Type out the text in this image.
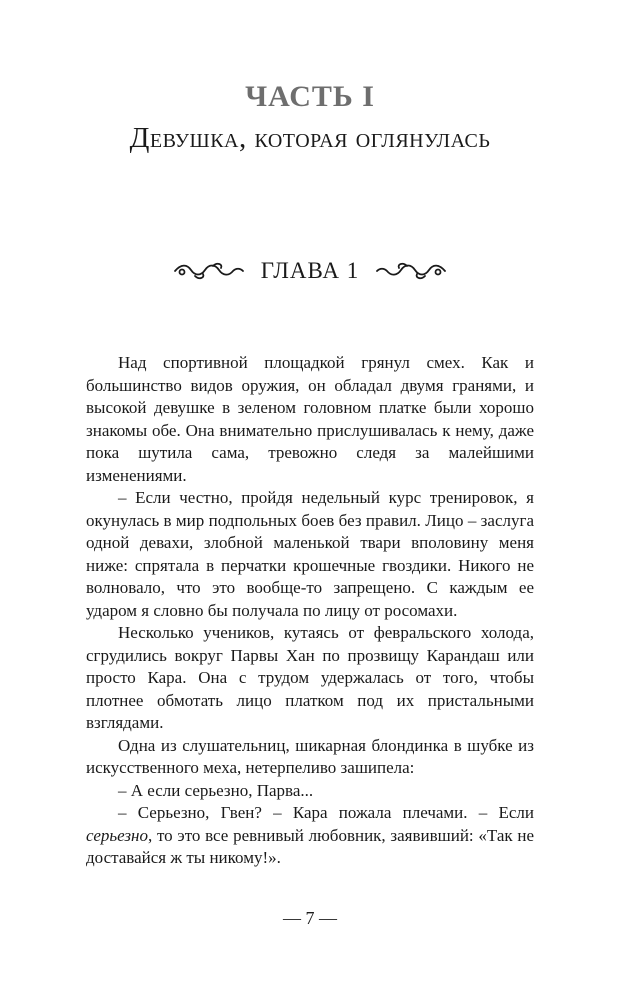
ЧАСТЬ I
Девушка, которая оглянулась
ГЛАВА 1

Над спортивной площадкой грянул смех. Как и большинство видов оружия, он обладал двумя гранями, и высокой девушке в зеленом головном платке были хорошо знакомы обе. Она внимательно прислушивалась к нему, даже пока шутила сама, тревожно следя за малейшими изменениями.

– Если честно, пройдя недельный курс тренировок, я окунулась в мир подпольных боев без правил. Лицо – заслуга одной девахи, злобной маленькой твари вполовину меня ниже: спрятала в перчатки крошечные гвоздики. Никого не волновало, что это вообще-то запрещено. С каждым ее ударом я словно бы получала по лицу от росомахи.

Несколько учеников, кутаясь от февральского холода, сгрудились вокруг Парвы Хан по прозвищу Карандаш или просто Кара. Она с трудом удержалась от того, чтобы плотнее обмотать лицо платком под их пристальными взглядами.

Одна из слушательниц, шикарная блондинка в шубке из искусственного меха, нетерпеливо зашипела:

– А если серьезно, Парва...

– Серьезно, Гвен? – Кара пожала плечами. – Если серьезно, то это все ревнивый любовник, заявивший: «Так не доставайся ж ты никому!».

— 7 —
